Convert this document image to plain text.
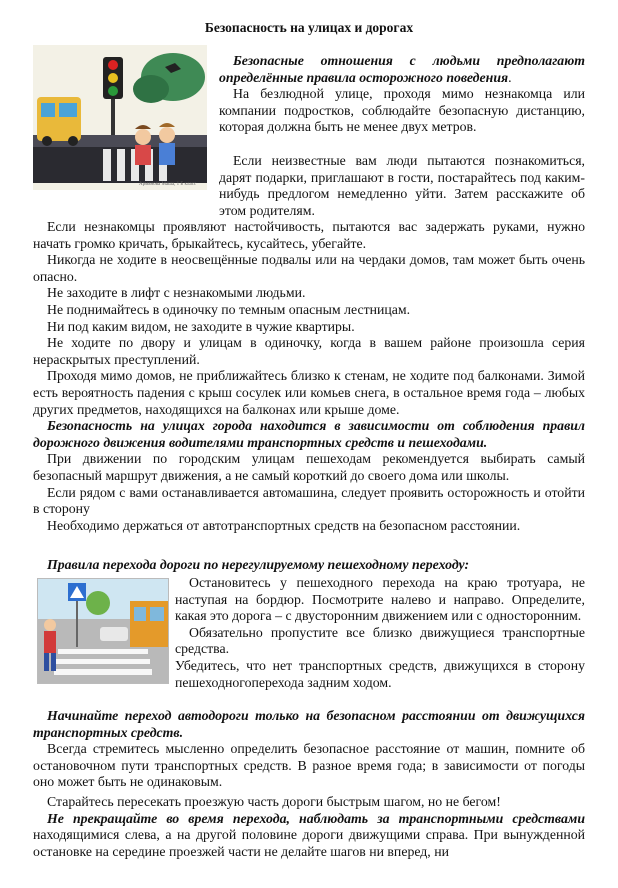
Безопасность на улицах и дорогах
Армянова Маша, 1 Б класс

Безопасные отношения с людьми предполагают определённые правила осторожного поведения.

На безлюдной улице, проходя мимо незнакомца или компании подростков, соблюдайте безопасную дистанцию, которая должна быть не менее двух метров.

Если неизвестные вам люди пытаются познакомиться, дарят подарки, приглашают в гости, постарайтесь под каким-нибудь предлогом немедленно уйти. Затем расскажите об этом родителям.

Если незнакомцы проявляют настойчивость, пытаются вас задержать руками, нужно начать громко кричать, брыкайтесь, кусайтесь, убегайте.

Никогда не ходите в неосвещённые подвалы или на чердаки домов, там может быть очень опасно.

Не заходите в лифт с незнакомыми людьми.

Не поднимайтесь в одиночку по темным опасным лестницам.

Ни под каким видом, не заходите в чужие квартиры.

Не ходите по двору и улицам в одиночку, когда в вашем районе произошла серия нераскрытых преступлений.

Проходя мимо домов, не приближайтесь близко к стенам, не ходите под балконами. Зимой есть вероятность падения с крыш сосулек или комьев снега, в остальное время года – любых других предметов, находящихся на балконах или крыше доме.

Безопасность на улицах города находится в зависимости от соблюдения правил дорожного движения водителями транспортных средств и пешеходами.

При движении по городским улицам пешеходам рекомендуется выбирать самый безопасный маршрут движения, а не самый короткий до своего дома или школы.

Если рядом с вами останавливается автомашина, следует проявить осторожность и отойти в сторону

Необходимо держаться от автотранспортных средств на безопасном расстоянии.

Правила перехода дороги по нерегулируемому пешеходному переходу:

Остановитесь у пешеходного перехода на краю тротуара, не наступая на бордюр. Посмотрите налево и направо. Определите, какая это дорога – с двусторонним движением или с односторонним.

Обязательно пропустите все близко движущиеся транспортные средства.

Убедитесь, что нет транспортных средств, движущихся в сторону пешеходногоперехода задним ходом.

Начинайте переход автодороги только на безопасном расстоянии от движущихся транспортных средств.

Всегда стремитесь мысленно определить безопасное расстояние от машин, помните об остановочном пути транспортных средств. В разное время года; в зависимости от погоды оно может быть не одинаковым.

Старайтесь пересекать проезжую часть дороги быстрым шагом, но не бегом!

Не прекращайте во время перехода, наблюдать за транспортными средствами находящимися слева, а на другой половине дороги движущими справа. При вынужденной остановке на середине проезжей части не делайте шагов ни вперед, ни
